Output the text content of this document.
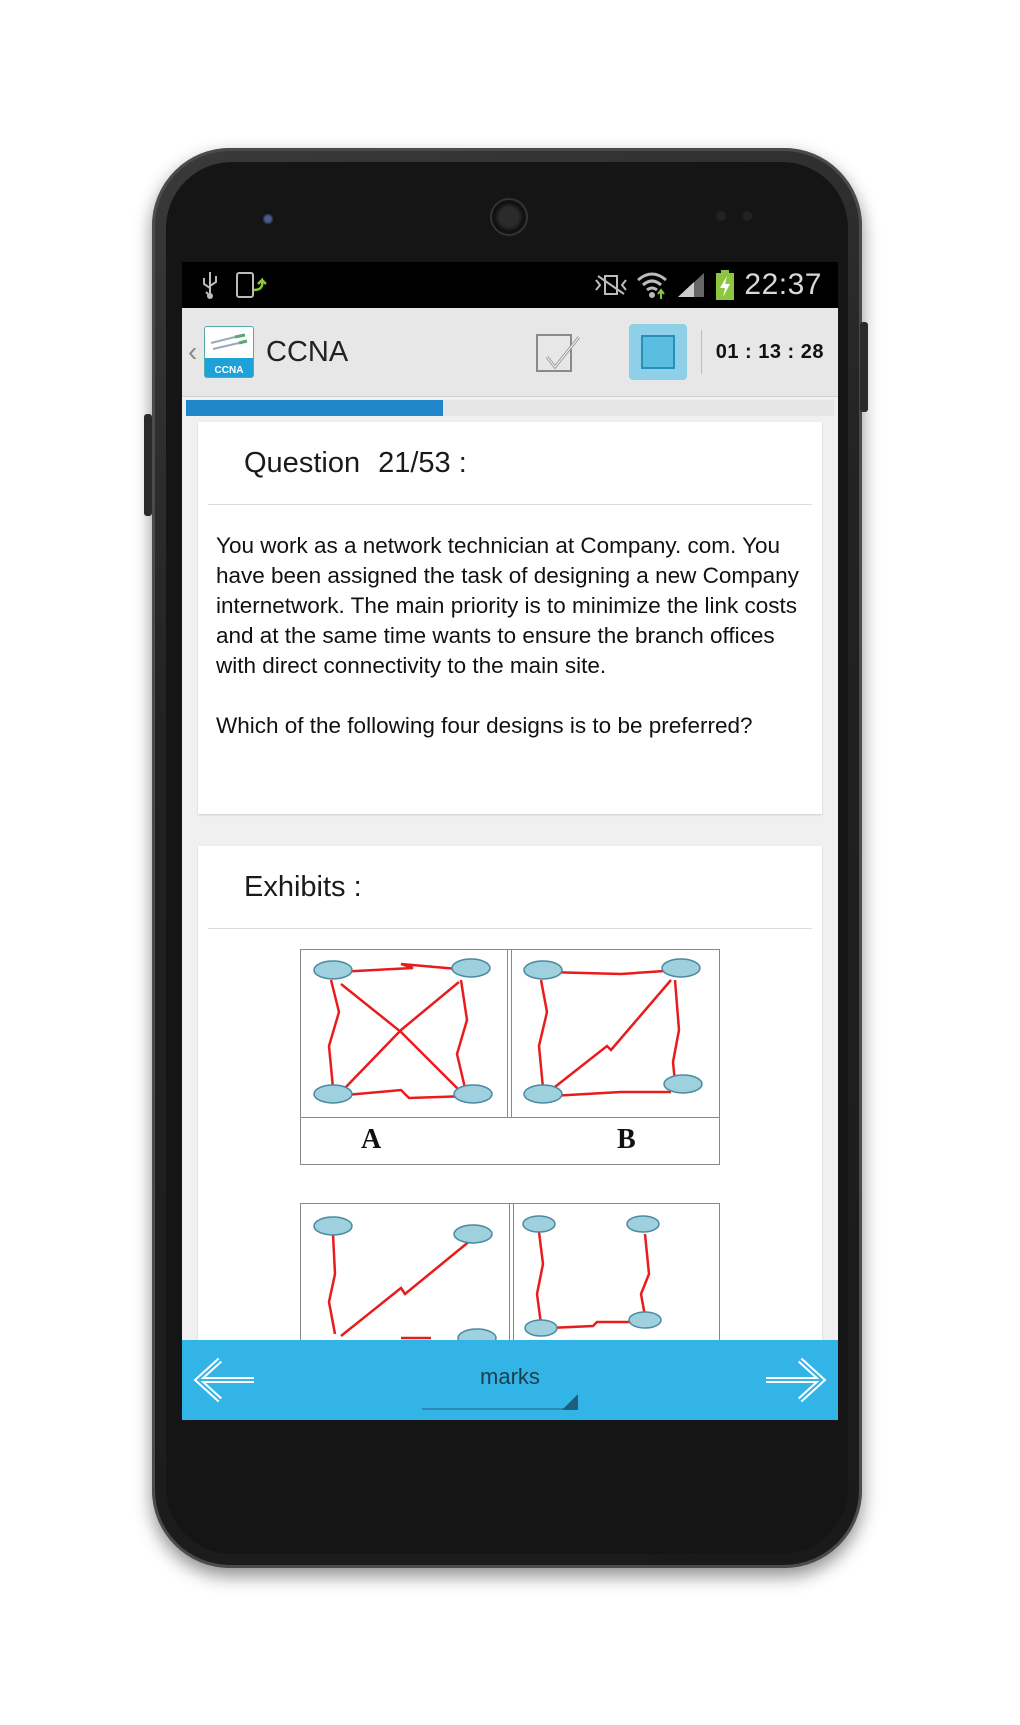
22:37
‹
CCNA
CCNA	01 : 13 : 28
Question 21/53 :

You work as a network technician at Company. com. You have been assigned the task of designing a new Company internetwork. The main priority is to minimize the link costs and at the same time wants to ensure the branch offices with direct connectivity to the main site.

Which of the following four designs is to be preferred?

Exhibits :
A	B
marks
